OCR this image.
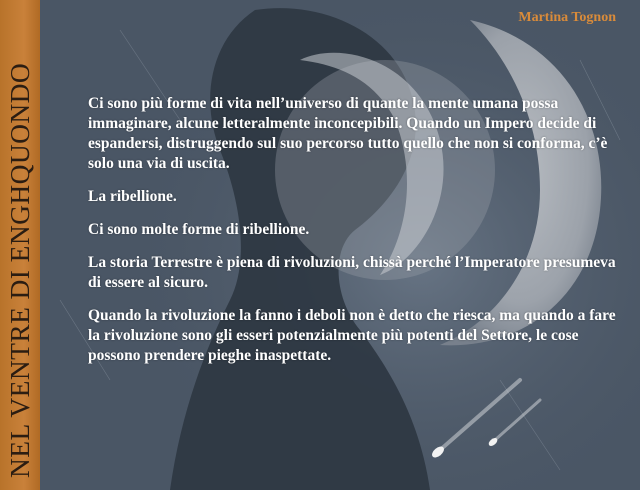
NEL VENTRE DI ENGHQUONDO
Martina Tognon

Ci sono più forme di vita nell’universo di quante la mente umana possa immaginare, alcune letteralmente inconcepibili. Quando un Impero decide di espandersi, distruggendo sul suo percorso tutto quello che non si conforma, c’è solo una via di uscita.

La ribellione.

Ci sono molte forme di ribellione.

La storia Terrestre è piena di rivoluzioni, chissà perché l’Imperatore presumeva di essere al sicuro.

Quando la rivoluzione la fanno i deboli non è detto che riesca, ma quando a fare la rivoluzione sono gli esseri potenzialmente più potenti del Settore, le cose possono prendere pieghe inaspettate.
